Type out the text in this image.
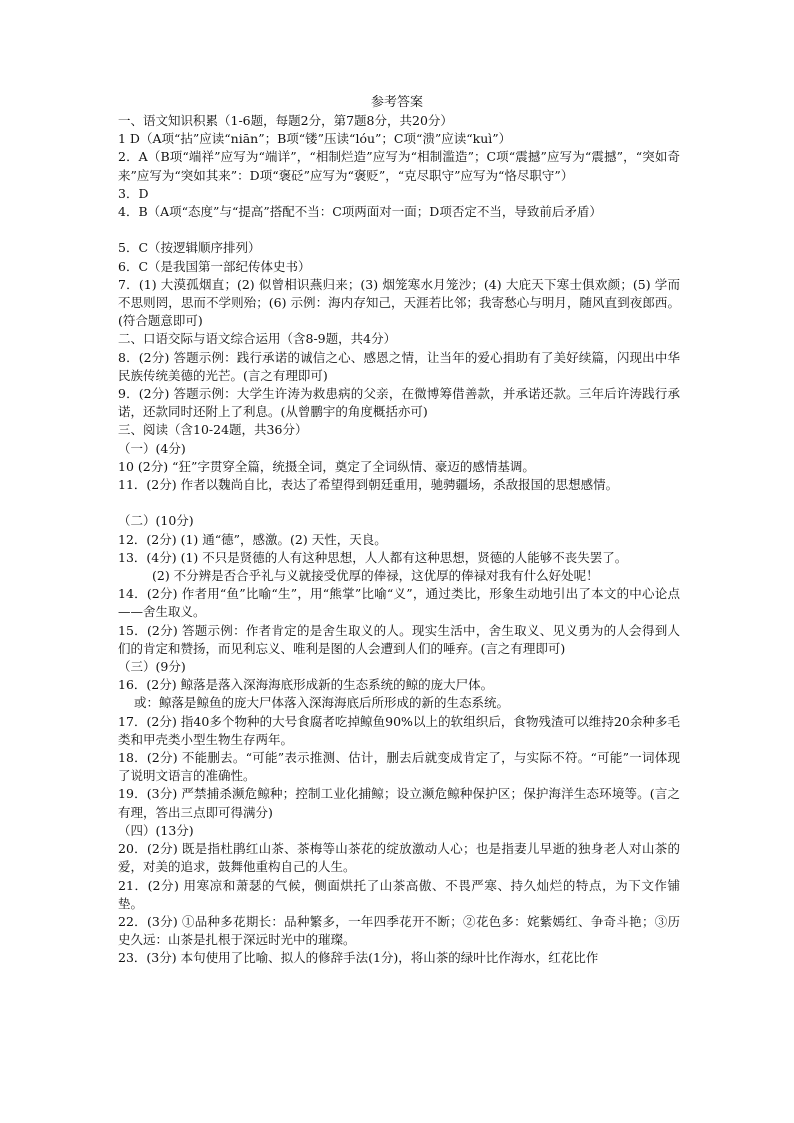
参考答案

一、语文知识积累（1-6题，每题2分，第7题8分，共20分）

1 D（A项“拈”应读“niān”；B项“镂”压读“lóu”；C项“溃”应读“kuì”）

2．A（B项“端祥”应写为“端详”，“相制烂造”应写为“相制滥造”；C项“震撼”应写为“震撼”，“突如奇来”应写为“突如其来”：D项“褒砭”应写为“褒贬”，“克尽职守”应写为“恪尽职守”）

3．D

4．B（A项“态度”与“提高”搭配不当：C项两面对一面；D项否定不当，导致前后矛盾）

5．C（按逻辑顺序排列）

6．C（是我国第一部纪传体史书）

7．(1) 大漠孤烟直；(2) 似曾相识燕归来；(3) 烟笼寒水月笼沙；(4) 大庇天下寒士俱欢颜；(5) 学而不思则罔，思而不学则殆；(6) 示例：海内存知己，天涯若比邻；我寄愁心与明月，随风直到夜郎西。(符合题意即可)

二、口语交际与语文综合运用（含8-9题，共4分）

8．(2分) 答题示例：践行承诺的诚信之心、感恩之情，让当年的爱心捐助有了美好续篇，闪现出中华民族传统美德的光芒。(言之有理即可)

9．(2分) 答题示例：大学生许涛为救患病的父亲，在微博筹借善款，并承诺还款。三年后许涛践行承诺，还款同时还附上了利息。(从曾鹏宇的角度概括亦可)

三、阅读（含10-24题，共36分）

（一）(4分)

10 (2分) “狂”字贯穿全篇，统摄全词，奠定了全词纵情、豪迈的感情基调。

11．(2分) 作者以魏尚自比，表达了希望得到朝廷重用，驰骋疆场，杀敌报国的思想感情。

（二）(10分)

12．(2分) (1) 通“德”，感激。(2) 天性，天良。

13．(4分) (1) 不只是贤德的人有这种思想，人人都有这种思想，贤德的人能够不丧失罢了。

(2) 不分辨是否合乎礼与义就接受优厚的俸禄，这优厚的俸禄对我有什么好处呢！

14．(2分) 作者用“鱼”比喻“生”，用“熊掌”比喻“义”，通过类比，形象生动地引出了本文的中心论点——舍生取义。

15．(2分) 答题示例：作者肯定的是舍生取义的人。现实生活中，舍生取义、见义勇为的人会得到人们的肯定和赞扬，而见利忘义、唯利是图的人会遭到人们的唾弃。(言之有理即可)

（三）(9分)

16．(2分) 鲸落是落入深海海底形成新的生态系统的鲸的庞大尸体。

或：鲸落是鲸鱼的庞大尸体落入深海海底后所形成的新的生态系统。

17．(2分) 指40多个物种的大号食腐者吃掉鲸鱼90%以上的软组织后，食物残渣可以维持20余种多毛类和甲壳类小型生物生存两年。

18．(2分) 不能删去。“可能”表示推测、估计，删去后就变成肯定了，与实际不符。“可能”一词体现了说明文语言的准确性。

19．(3分) 严禁捕杀濒危鲸种；控制工业化捕鲸；设立濒危鲸种保护区；保护海洋生态环境等。(言之有理，答出三点即可得满分)

（四）(13分)

20．(2分) 既是指杜鹃红山茶、茶梅等山茶花的绽放激动人心；也是指妻儿早逝的独身老人对山茶的爱，对美的追求，鼓舞他重构自己的人生。

21．(2分) 用寒凉和萧瑟的气候，侧面烘托了山茶高傲、不畏严寒、持久灿烂的特点，为下文作铺垫。

22．(3分) ①品种多花期长：品种繁多，一年四季花开不断；②花色多：姹紫嫣红、争奇斗艳；③历史久远：山茶是扎根于深远时光中的璀璨。

23．(3分) 本句使用了比喻、拟人的修辞手法(1分)，将山茶的绿叶比作海水，红花比作
